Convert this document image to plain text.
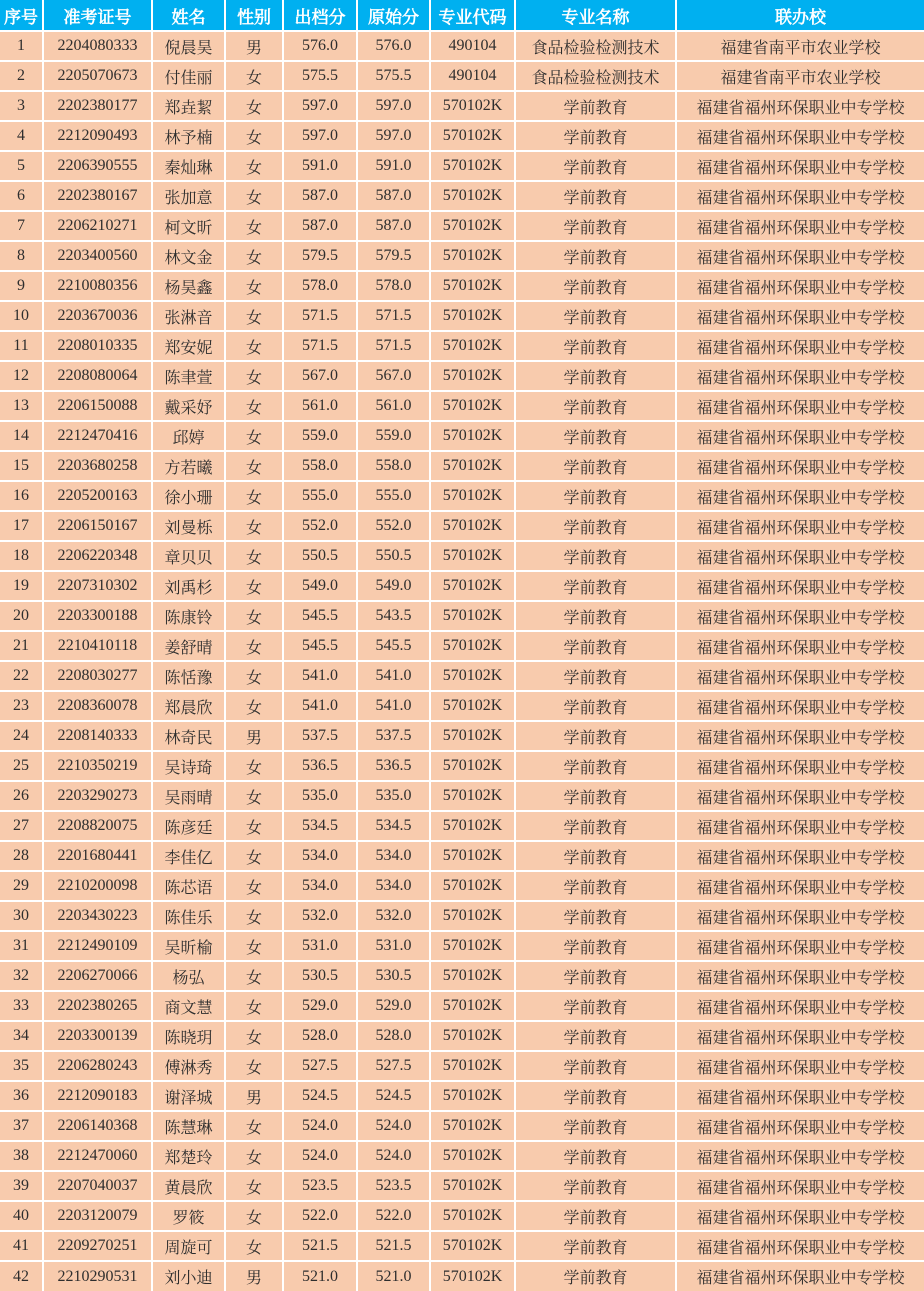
序号	准考证号	姓名	性别	出档分	原始分	专业代码	专业名称	联办校
1	2204080333	倪晨昊	男	576.0	576.0	490104	食品检验检测技术	福建省南平市农业学校
2	2205070673	付佳丽	女	575.5	575.5	490104	食品检验检测技术	福建省南平市农业学校
3	2202380177	郑垚絜	女	597.0	597.0	570102K	学前教育	福建省福州环保职业中专学校
4	2212090493	林予楠	女	597.0	597.0	570102K	学前教育	福建省福州环保职业中专学校
5	2206390555	秦灿琳	女	591.0	591.0	570102K	学前教育	福建省福州环保职业中专学校
6	2202380167	张加意	女	587.0	587.0	570102K	学前教育	福建省福州环保职业中专学校
7	2206210271	柯文昕	女	587.0	587.0	570102K	学前教育	福建省福州环保职业中专学校
8	2203400560	林文金	女	579.5	579.5	570102K	学前教育	福建省福州环保职业中专学校
9	2210080356	杨昊鑫	女	578.0	578.0	570102K	学前教育	福建省福州环保职业中专学校
10	2203670036	张淋音	女	571.5	571.5	570102K	学前教育	福建省福州环保职业中专学校
11	2208010335	郑安妮	女	571.5	571.5	570102K	学前教育	福建省福州环保职业中专学校
12	2208080064	陈聿萱	女	567.0	567.0	570102K	学前教育	福建省福州环保职业中专学校
13	2206150088	戴采妤	女	561.0	561.0	570102K	学前教育	福建省福州环保职业中专学校
14	2212470416	邱婷	女	559.0	559.0	570102K	学前教育	福建省福州环保职业中专学校
15	2203680258	方若曦	女	558.0	558.0	570102K	学前教育	福建省福州环保职业中专学校
16	2205200163	徐小珊	女	555.0	555.0	570102K	学前教育	福建省福州环保职业中专学校
17	2206150167	刘曼栎	女	552.0	552.0	570102K	学前教育	福建省福州环保职业中专学校
18	2206220348	章贝贝	女	550.5	550.5	570102K	学前教育	福建省福州环保职业中专学校
19	2207310302	刘禹杉	女	549.0	549.0	570102K	学前教育	福建省福州环保职业中专学校
20	2203300188	陈康铃	女	545.5	543.5	570102K	学前教育	福建省福州环保职业中专学校
21	2210410118	姜舒晴	女	545.5	545.5	570102K	学前教育	福建省福州环保职业中专学校
22	2208030277	陈恬豫	女	541.0	541.0	570102K	学前教育	福建省福州环保职业中专学校
23	2208360078	郑晨欣	女	541.0	541.0	570102K	学前教育	福建省福州环保职业中专学校
24	2208140333	林奇民	男	537.5	537.5	570102K	学前教育	福建省福州环保职业中专学校
25	2210350219	吴诗琦	女	536.5	536.5	570102K	学前教育	福建省福州环保职业中专学校
26	2203290273	吴雨晴	女	535.0	535.0	570102K	学前教育	福建省福州环保职业中专学校
27	2208820075	陈彦廷	女	534.5	534.5	570102K	学前教育	福建省福州环保职业中专学校
28	2201680441	李佳亿	女	534.0	534.0	570102K	学前教育	福建省福州环保职业中专学校
29	2210200098	陈芯语	女	534.0	534.0	570102K	学前教育	福建省福州环保职业中专学校
30	2203430223	陈佳乐	女	532.0	532.0	570102K	学前教育	福建省福州环保职业中专学校
31	2212490109	吴昕榆	女	531.0	531.0	570102K	学前教育	福建省福州环保职业中专学校
32	2206270066	杨弘	女	530.5	530.5	570102K	学前教育	福建省福州环保职业中专学校
33	2202380265	商文慧	女	529.0	529.0	570102K	学前教育	福建省福州环保职业中专学校
34	2203300139	陈晓玥	女	528.0	528.0	570102K	学前教育	福建省福州环保职业中专学校
35	2206280243	傅淋秀	女	527.5	527.5	570102K	学前教育	福建省福州环保职业中专学校
36	2212090183	谢泽城	男	524.5	524.5	570102K	学前教育	福建省福州环保职业中专学校
37	2206140368	陈慧琳	女	524.0	524.0	570102K	学前教育	福建省福州环保职业中专学校
38	2212470060	郑楚玲	女	524.0	524.0	570102K	学前教育	福建省福州环保职业中专学校
39	2207040037	黄晨欣	女	523.5	523.5	570102K	学前教育	福建省福州环保职业中专学校
40	2203120079	罗筱	女	522.0	522.0	570102K	学前教育	福建省福州环保职业中专学校
41	2209270251	周旋可	女	521.5	521.5	570102K	学前教育	福建省福州环保职业中专学校
42	2210290531	刘小迪	男	521.0	521.0	570102K	学前教育	福建省福州环保职业中专学校
